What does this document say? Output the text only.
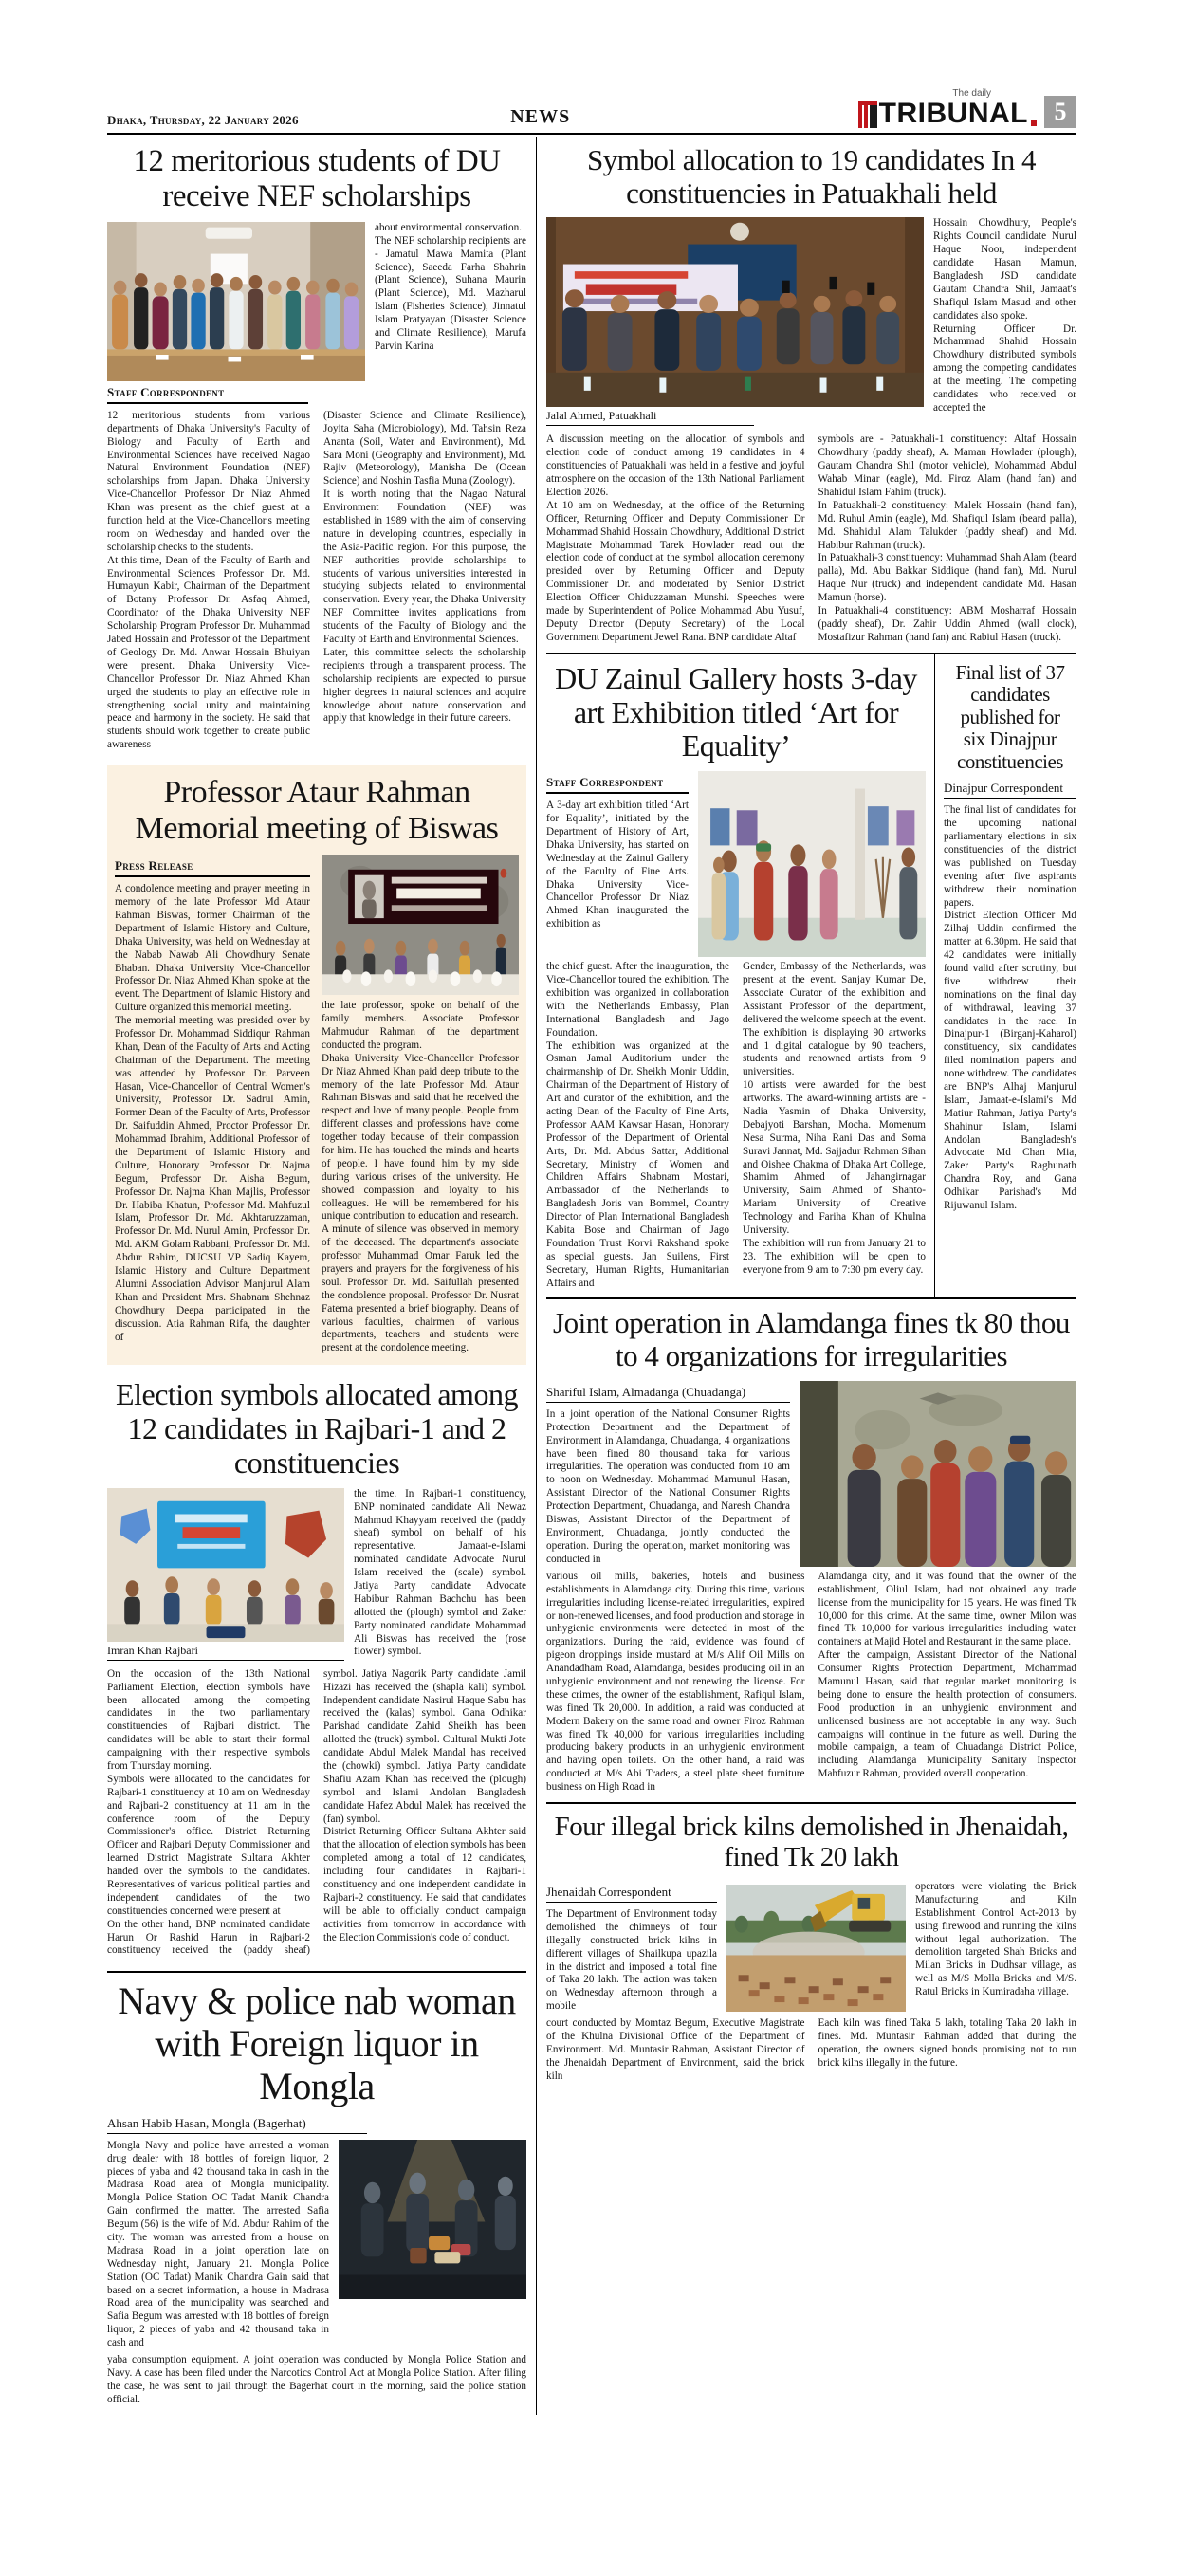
Dhaka, Thursday, 22 January 2026	NEWS
The daily
TRIBUNAL	5
12 meritorious students of DU receive NEF scholarships

about environmental conservation.

The NEF scholarship recipients are - Jamatul Mawa Mamita (Plant Science), Saeeda Farha Shahrin (Plant Science), Suhana Maurin (Plant Science), Md. Mazharul Islam (Fisheries Science), Jinnatul Islam Pratyayan (Disaster Science and Climate Resilience), Marufa Parvin Karina

Staff Correspondent

12 meritorious students from various departments of Dhaka University's Faculty of Biology and Faculty of Earth and Environmental Sciences have received Nagao Natural Environment Foundation (NEF) scholarships from Japan. Dhaka University Vice-Chancellor Professor Dr Niaz Ahmed Khan was present as the chief guest at a function held at the Vice-Chancellor's meeting room on Wednesday and handed over the scholarship checks to the students.

At this time, Dean of the Faculty of Earth and Environmental Sciences Professor Dr. Md. Humayun Kabir, Chairman of the Department of Botany Professor Dr. Asfaq Ahmed, Coordinator of the Dhaka University NEF Scholarship Program Professor Dr. Muhammad Jabed Hossain and Professor of the Department of Geology Dr. Md. Anwar Hossain Bhuiyan were present. Dhaka University Vice-Chancellor Professor Dr. Niaz Ahmed Khan urged the students to play an effective role in strengthening social unity and maintaining peace and harmony in the society. He said that students should work together to create public awareness

(Disaster Science and Climate Resilience), Joyita Saha (Microbiology), Md. Tahsin Reza Ananta (Soil, Water and Environment), Md. Sara Moni (Geography and Environment), Md. Rajiv (Meteorology), Manisha De (Ocean Science) and Noshin Tasfia Muna (Zoology).

It is worth noting that the Nagao Natural Environment Foundation (NEF) was established in 1989 with the aim of conserving nature in developing countries, especially in the Asia-Pacific region. For this purpose, the NEF authorities provide scholarships to students of various universities interested in studying subjects related to environmental conservation. Every year, the Dhaka University NEF Committee invites applications from students of the Faculty of Biology and the Faculty of Earth and Environmental Sciences.

Later, this committee selects the scholarship recipients through a transparent process. The scholarship recipients are expected to pursue higher degrees in natural sciences and acquire knowledge about nature conservation and apply that knowledge in their future careers.

Professor Ataur Rahman Memorial meeting of Biswas
Press Release

A condolence meeting and prayer meeting in memory of the late Professor Md Ataur Rahman Biswas, former Chairman of the Department of Islamic History and Culture, Dhaka University, was held on Wednesday at the Nabab Nawab Ali Chowdhury Senate Bhaban. Dhaka University Vice-Chancellor Professor Dr. Niaz Ahmed Khan spoke at the event. The Department of Islamic History and Culture organized this memorial meeting.

The memorial meeting was presided over by Professor Dr. Mohammad Siddiqur Rahman Khan, Dean of the Faculty of Arts and Acting Chairman of the Department. The meeting was attended by Professor Dr. Parveen Hasan, Vice-Chancellor of Central Women's University, Professor Dr. Sadrul Amin, Former Dean of the Faculty of Arts, Professor Dr. Saifuddin Ahmed, Proctor Professor Dr. Mohammad Ibrahim, Additional Professor of the Department of Islamic History and Culture, Honorary Professor Dr. Najma Begum, Professor Dr. Aisha Begum, Professor Dr. Najma Khan Majlis, Professor Dr. Habiba Khatun, Professor Md. Mahfuzul Islam, Professor Dr. Md. Akhtaruzzaman, Professor Dr. Md. Nurul Amin, Professor Dr. Md. AKM Golam Rabbani, Professor Dr. Md. Abdur Rahim, DUCSU VP Sadiq Kayem, Islamic History and Culture Department Alumni Association Advisor Manjurul Alam Khan and President Mrs. Shabnam Shehnaz Chowdhury Deepa participated in the discussion. Atia Rahman Rifa, the daughter of

the late professor, spoke on behalf of the family members. Associate Professor Mahmudur Rahman of the department conducted the program.

Dhaka University Vice-Chancellor Professor Dr Niaz Ahmed Khan paid deep tribute to the memory of the late Professor Md. Ataur Rahman Biswas and said that he received the respect and love of many people. People from different classes and professions have come together today because of their compassion for him. He has touched the minds and hearts of people. I have found him by my side during various crises of the university. He showed compassion and loyalty to his colleagues. He will be remembered for his unique contribution to education and research.

A minute of silence was observed in memory of the deceased. The department's associate professor Muhammad Omar Faruk led the prayers and prayers for the forgiveness of his soul. Professor Dr. Md. Saifullah presented the condolence proposal. Professor Dr. Nusrat Fatema presented a brief biography. Deans of various faculties, chairmen of various departments, teachers and students were present at the condolence meeting.

Election symbols allocated among 12 candidates in Rajbari-1 and 2 constituencies
Imran Khan Rajbari

the time. In Rajbari-1 constituency, BNP nominated candidate Ali Newaz Mahmud Khayyam received the (paddy sheaf) symbol on behalf of his representative. Jamaat-e-Islami nominated candidate Advocate Nurul Islam received the (scale) symbol. Jatiya Party candidate Advocate Habibur Rahman Bachchu has been allotted the (plough) symbol and Zaker Party nominated candidate Mohammad Ali Biswas has received the (rose flower) symbol.

On the occasion of the 13th National Parliament Election, election symbols have been allocated among the competing candidates in the two parliamentary constituencies of Rajbari district. The candidates will be able to start their formal campaigning with their respective symbols from Thursday morning.

Symbols were allocated to the candidates for Rajbari-1 constituency at 10 am on Wednesday and Rajbari-2 constituency at 11 am in the conference room of the Deputy Commissioner's office. District Returning Officer and Rajbari Deputy Commissioner and learned District Magistrate Sultana Akhter handed over the symbols to the candidates. Representatives of various political parties and independent candidates of the two constituencies concerned were present at

On the other hand, BNP nominated candidate Harun Or Rashid Harun in Rajbari-2 constituency received the (paddy sheaf) symbol. Jatiya Nagorik Party candidate Jamil Hizazi has received the (shapla kali) symbol. Independent candidate Nasirul Haque Sabu has received the (kalas) symbol. Gana Odhikar Parishad candidate Zahid Sheikh has been allotted the (truck) symbol. Cultural Mukti Jote candidate Abdul Malek Mandal has received the (chowki) symbol. Jatiya Party candidate Shafiu Azam Khan has received the (plough) symbol and Islami Andolan Bangladesh candidate Hafez Abdul Malek has received the (fan) symbol.

District Returning Officer Sultana Akhter said that the allocation of election symbols has been completed among a total of 12 candidates, including four candidates in Rajbari-1 constituency and one independent candidate in Rajbari-2 constituency. He said that candidates will be able to officially conduct campaign activities from tomorrow in accordance with the Election Commission's code of conduct.

Navy & police nab woman with Foreign liquor in Mongla
Ahsan Habib Hasan, Mongla (Bagerhat)

Mongla Navy and police have arrested a woman drug dealer with 18 bottles of foreign liquor, 2 pieces of yaba and 42 thousand taka in cash in the Madrasa Road area of Mongla municipality. Mongla Police Station OC Tadat Manik Chandra Gain confirmed the matter. The arrested Safia Begum (56) is the wife of Md. Abdur Rahim of the city. The woman was arrested from a house on Madrasa Road in a joint operation late on Wednesday night, January 21. Mongla Police Station (OC Tadat) Manik Chandra Gain said that based on a secret information, a house in Madrasa Road area of the municipality was searched and Safia Begum was arrested with 18 bottles of foreign liquor, 2 pieces of yaba and 42 thousand taka in cash and

yaba consumption equipment. A joint operation was conducted by Mongla Police Station and Navy. A case has been filed under the Narcotics Control Act at Mongla Police Station. After filing the case, he was sent to jail through the Bagerhat court in the morning, said the police station official.

Symbol allocation to 19 candidates In 4 constituencies in Patuakhali held
Jalal Ahmed, Patuakhali

Hossain Chowdhury, People's Rights Council candidate Nurul Haque Noor, independent candidate Hasan Mamun, Bangladesh JSD candidate Gautam Chandra Shil, Jamaat's Shafiqul Islam Masud and other candidates also spoke.

Returning Officer Dr. Mohammad Shahid Hossain Chowdhury distributed symbols among the competing candidates at the meeting. The competing candidates who received or accepted the

A discussion meeting on the allocation of symbols and election code of conduct among 19 candidates in 4 constituencies of Patuakhali was held in a festive and joyful atmosphere on the occasion of the 13th National Parliament Election 2026.

At 10 am on Wednesday, at the office of the Returning Officer, Returning Officer and Deputy Commissioner Dr Mohammad Shahid Hossain Chowdhury, Additional District Magistrate Mohammad Tarek Howlader read out the election code of conduct at the symbol allocation ceremony presided over by Returning Officer and Deputy Commissioner Dr. and moderated by Senior District Election Officer Ohiduzzaman Munshi. Speeches were made by Superintendent of Police Mohammad Abu Yusuf, Deputy Director (Deputy Secretary) of the Local Government Department Jewel Rana. BNP candidate Altaf

symbols are - Patuakhali-1 constituency: Altaf Hossain Chowdhury (paddy sheaf), A. Maman Howlader (plough), Gautam Chandra Shil (motor vehicle), Mohammad Abdul Wahab Minar (eagle), Md. Firoz Alam (hand fan) and Shahidul Islam Fahim (truck).

In Patuakhali-2 constituency: Malek Hossain (hand fan), Md. Ruhul Amin (eagle), Md. Shafiqul Islam (beard palla), Md. Shahidul Alam Talukder (paddy sheaf) and Md. Habibur Rahman (truck).

In Patuakhali-3 constituency: Muhammad Shah Alam (beard palla), Md. Abu Bakkar Siddique (hand fan), Md. Nurul Haque Nur (truck) and independent candidate Md. Hasan Mamun (horse).

In Patuakhali-4 constituency: ABM Mosharraf Hossain (paddy sheaf), Dr. Zahir Uddin Ahmed (wall clock), Mostafizur Rahman (hand fan) and Rabiul Hasan (truck).

DU Zainul Gallery hosts 3-day art Exhibition titled ‘Art for Equality’
Staff Correspondent

A 3-day art exhibition titled ‘Art for Equality’, initiated by the Department of History of Art, Dhaka University, has started on Wednesday at the Zainul Gallery of the Faculty of Fine Arts. Dhaka University Vice-Chancellor Professor Dr Niaz Ahmed Khan inaugurated the exhibition as

the chief guest. After the inauguration, the Vice-Chancellor toured the exhibition. The exhibition was organized in collaboration with the Netherlands Embassy, Plan International Bangladesh and Jago Foundation.

The exhibition was organized at the Osman Jamal Auditorium under the chairmanship of Dr. Sheikh Monir Uddin, Chairman of the Department of History of Art and curator of the exhibition, and the acting Dean of the Faculty of Fine Arts, Professor AAM Kawsar Hasan, Honorary Professor of the Department of Oriental Arts, Dr. Md. Abdus Sattar, Additional Secretary, Ministry of Women and Children Affairs Shabnam Mostari, Ambassador of the Netherlands to Bangladesh Joris van Bommel, Country Director of Plan International Bangladesh Kabita Bose and Chairman of Jago Foundation Trust Korvi Rakshand spoke as special guests. Jan Suilens, First Secretary, Human Rights, Humanitarian Affairs and

Gender, Embassy of the Netherlands, was present at the event. Sanjay Kumar De, Associate Curator of the exhibition and Assistant Professor of the department, delivered the welcome speech at the event. The exhibition is displaying 90 artworks and 1 digital catalogue by 90 teachers, students and renowned artists from 9 universities.

10 artists were awarded for the best artworks. The award-winning artists are - Nadia Yasmin of Dhaka University, Debajyoti Barshan, Mocha. Momenum Nesa Surma, Niha Rani Das and Soma Suravi Jannat, Md. Sajjadur Rahman Sihan and Oishee Chakma of Dhaka Art College, Shamim Ahmed of Jahangirnagar University, Saim Ahmed of Shanto-Mariam University of Creative Technology and Fariha Khan of Khulna University.

The exhibition will run from January 21 to 23. The exhibition will be open to everyone from 9 am to 7:30 pm every day.

Final list of 37 candidates published for six Dinajpur constituencies
Dinajpur Correspondent

The final list of candidates for the upcoming national parliamentary elections in six constituencies of the district was published on Tuesday evening after five aspirants withdrew their nomination papers.

District Election Officer Md Zilhaj Uddin confirmed the matter at 6.30pm. He said that 42 candidates were initially found valid after scrutiny, but five withdrew their nominations on the final day of withdrawal, leaving 37 candidates in the race. In Dinajpur-1 (Birganj-Kaharol) constituency, six candidates filed nomination papers and none withdrew. The candidates are BNP's Alhaj Manjurul Islam, Jamaat-e-Islami's Md Matiur Rahman, Jatiya Party's Shahinur Islam, Islami Andolan Bangladesh's Advocate Md Chan Mia, Zaker Party's Raghunath Chandra Roy, and Gana Odhikar Parishad's Md Rijuwanul Islam.

Joint operation in Alamdanga fines tk 80 thou to 4 organizations for irregularities
Shariful Islam, Almadanga (Chuadanga)

In a joint operation of the National Consumer Rights Protection Department and the Department of Environment in Alamdanga, Chuadanga, 4 organizations have been fined 80 thousand taka for various irregularities. The operation was conducted from 10 am to noon on Wednesday. Mohammad Mamunul Hasan, Assistant Director of the National Consumer Rights Protection Department, Chuadanga, and Naresh Chandra Biswas, Assistant Director of the Department of Environment, Chuadanga, jointly conducted the operation. During the operation, market monitoring was conducted in

various oil mills, bakeries, hotels and business establishments in Alamdanga city. During this time, various irregularities including license-related irregularities, expired or non-renewed licenses, and food production and storage in unhygienic environments were detected in most of the organizations. During the raid, evidence was found of pigeon droppings inside mustard at M/s Alif Oil Mills on Anandadham Road, Alamdanga, besides producing oil in an unhygienic environment and not renewing the license. For these crimes, the owner of the establishment, Rafiqul Islam, was fined Tk 20,000. In addition, a raid was conducted at Modern Bakery on the same road and owner Firoz Rahman was fined Tk 40,000 for various irregularities including producing bakery products in an unhygienic environment and having open toilets. On the other hand, a raid was conducted at M/s Abi Traders, a steel plate sheet furniture business on High Road in

Alamdanga city, and it was found that the owner of the establishment, Oliul Islam, had not obtained any trade license from the municipality for 15 years. He was fined Tk 10,000 for this crime. At the same time, owner Milon was fined Tk 10,000 for various irregularities including water containers at Majid Hotel and Restaurant in the same place.

After the campaign, Assistant Director of the National Consumer Rights Protection Department, Mohammad Mamunul Hasan, said that regular market monitoring is being done to ensure the health protection of consumers. Food production in an unhygienic environment and unlicensed business are not acceptable in any way. Such campaigns will continue in the future as well. During the mobile campaign, a team of Chuadanga District Police, including Alamdanga Municipality Sanitary Inspector Mahfuzur Rahman, provided overall cooperation.

Four illegal brick kilns demolished in Jhenaidah, fined Tk 20 lakh
Jhenaidah Correspondent

The Department of Environment today demolished the chimneys of four illegally constructed brick kilns in different villages of Shailkupa upazila in the district and imposed a total fine of Taka 20 lakh. The action was taken on Wednesday afternoon through a mobile

operators were violating the Brick Manufacturing and Kiln Establishment Control Act-2013 by using firewood and running the kilns without legal authorization. The demolition targeted Shah Bricks and Milan Bricks in Dudhsar village, as well as M/S Molla Bricks and M/S. Ratul Bricks in Kumiradaha village.

court conducted by Momtaz Begum, Executive Magistrate of the Khulna Divisional Office of the Department of Environment. Md. Muntasir Rahman, Assistant Director of the Jhenaidah Department of Environment, said the brick kiln

Each kiln was fined Taka 5 lakh, totaling Taka 20 lakh in fines. Md. Muntasir Rahman added that during the operation, the owners signed bonds promising not to run brick kilns illegally in the future.
